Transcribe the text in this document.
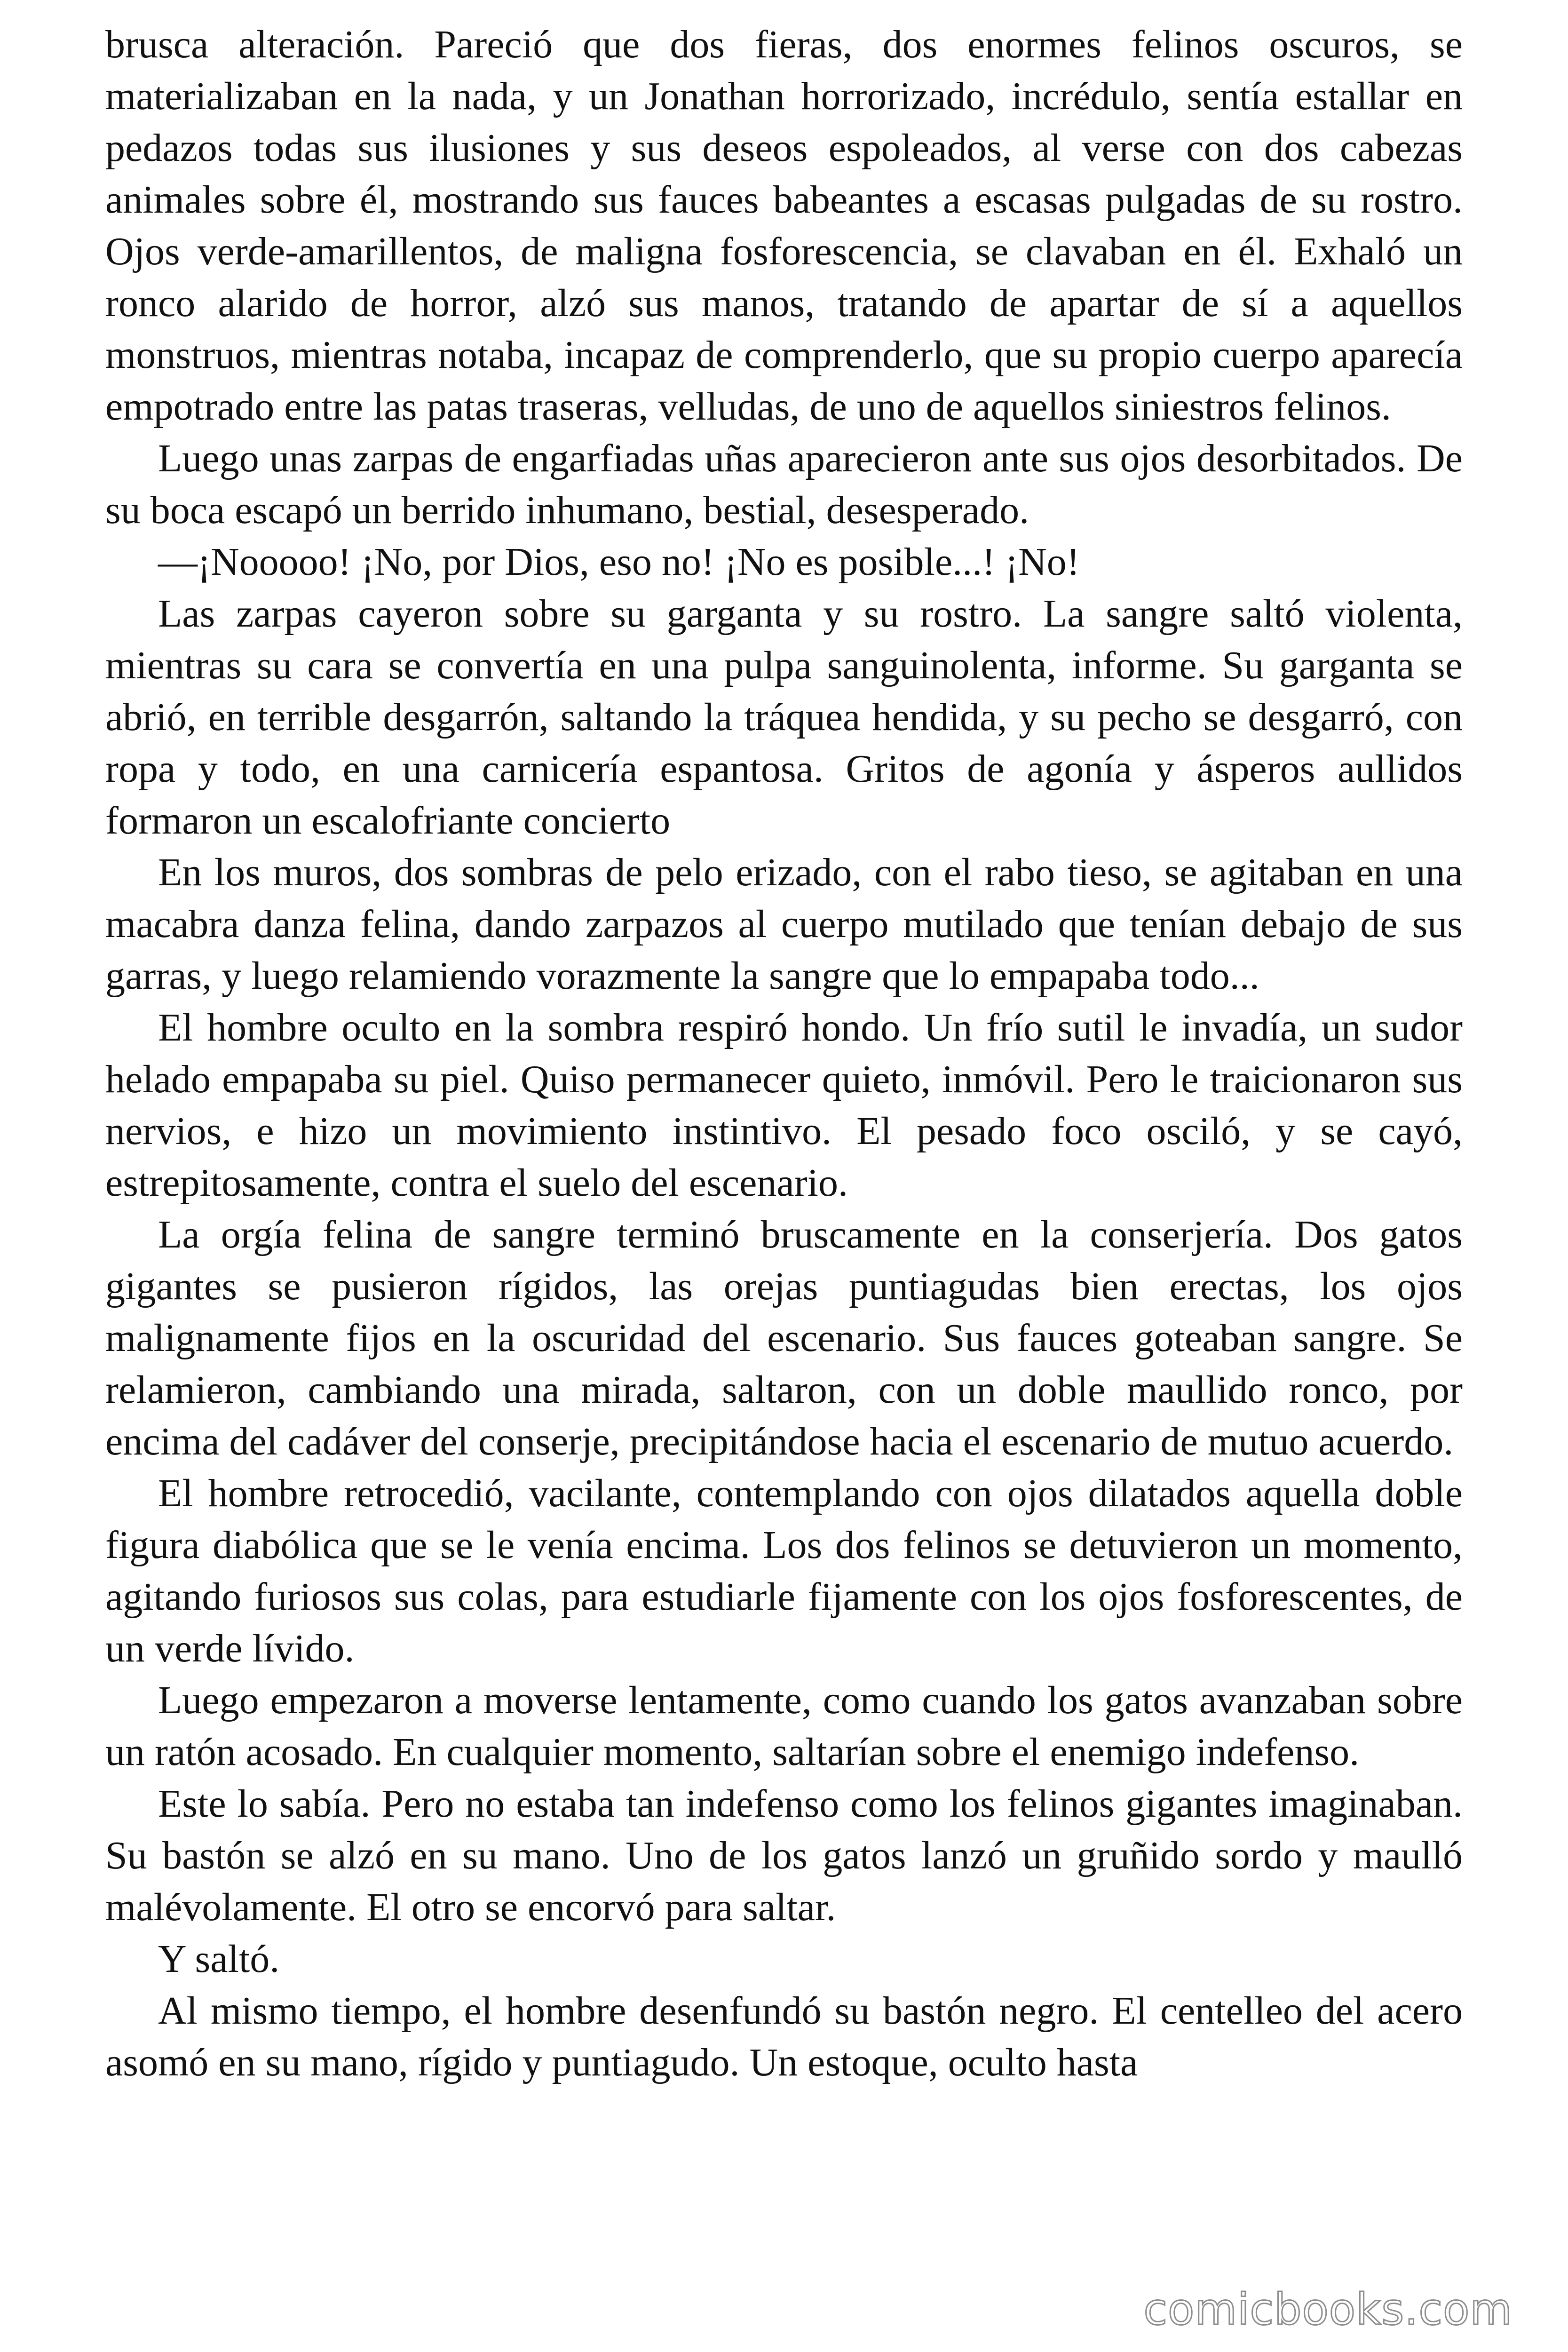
brusca alteración. Pareció que dos fieras, dos enormes felinos oscuros, se materializaban en la nada, y un Jonathan horrorizado, incrédulo, sentía estallar en pedazos todas sus ilusiones y sus deseos espoleados, al verse con dos cabezas animales sobre él, mostrando sus fauces babeantes a escasas pulgadas de su rostro. Ojos verde-amarillentos, de maligna fosforescencia, se clavaban en él. Exhaló un ronco alarido de horror, alzó sus manos, tratando de apartar de sí a aquellos monstruos, mientras notaba, incapaz de comprenderlo, que su propio cuerpo aparecía empotrado entre las patas traseras, velludas, de uno de aquellos siniestros felinos.

Luego unas zarpas de engarfiadas uñas aparecieron ante sus ojos desorbitados. De su boca escapó un berrido inhumano, bestial, desesperado.

—¡Nooooo! ¡No, por Dios, eso no! ¡No es posible...! ¡No!

Las zarpas cayeron sobre su garganta y su rostro. La sangre saltó violenta, mientras su cara se convertía en una pulpa sanguinolenta, informe. Su garganta se abrió, en terrible desgarrón, saltando la tráquea hendida, y su pecho se desgarró, con ropa y todo, en una carnicería espantosa. Gritos de agonía y ásperos aullidos formaron un escalofriante concierto

En los muros, dos sombras de pelo erizado, con el rabo tieso, se agitaban en una macabra danza felina, dando zarpazos al cuerpo mutilado que tenían debajo de sus garras, y luego relamiendo vorazmente la sangre que lo empapaba todo...

El hombre oculto en la sombra respiró hondo. Un frío sutil le invadía, un sudor helado empapaba su piel. Quiso permanecer quieto, inmóvil. Pero le traicionaron sus nervios, e hizo un movimiento instintivo. El pesado foco osciló, y se cayó, estrepitosamente, contra el suelo del escenario.

La orgía felina de sangre terminó bruscamente en la conserjería. Dos gatos gigantes se pusieron rígidos, las orejas puntiagudas bien erectas, los ojos malignamente fijos en la oscuridad del escenario. Sus fauces goteaban sangre. Se relamieron, cambiando una mirada, saltaron, con un doble maullido ronco, por encima del cadáver del conserje, precipitándose hacia el escenario de mutuo acuerdo.

El hombre retrocedió, vacilante, contemplando con ojos dilatados aquella doble figura diabólica que se le venía encima. Los dos felinos se detuvieron un momento, agitando furiosos sus colas, para estudiarle fijamente con los ojos fosforescentes, de un verde lívido.

Luego empezaron a moverse lentamente, como cuando los gatos avanzaban sobre un ratón acosado. En cualquier momento, saltarían sobre el enemigo indefenso.

Este lo sabía. Pero no estaba tan indefenso como los felinos gigantes imaginaban. Su bastón se alzó en su mano. Uno de los gatos lanzó un gruñido sordo y maulló malévolamente. El otro se encorvó para saltar.

Y saltó.

Al mismo tiempo, el hombre desenfundó su bastón negro. El centelleo del acero asomó en su mano, rígido y puntiagudo. Un estoque, oculto hasta

comicbooks.com
